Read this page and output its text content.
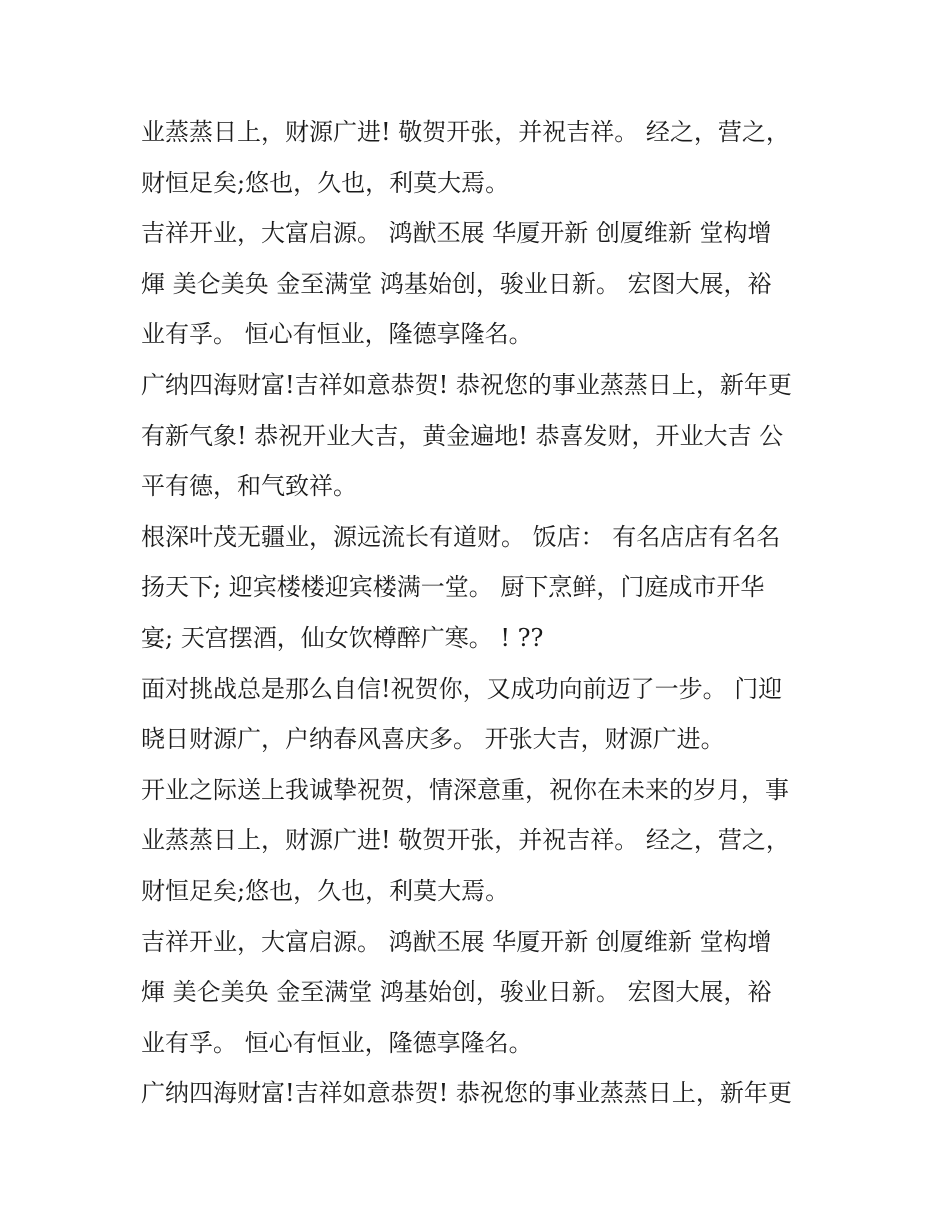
业蒸蒸日上，财源广进! 敬贺开张，并祝吉祥。 经之，营之，
财恒足矣;悠也，久也，利莫大焉。
吉祥开业，大富启源。 鸿猷丕展 华厦开新 创厦维新 堂构增
煇 美仑美奂 金至满堂 鸿基始创，骏业日新。 宏图大展，裕
业有孚。 恒心有恒业，隆德享隆名。
广纳四海财富!吉祥如意恭贺! 恭祝您的事业蒸蒸日上，新年更
有新气象! 恭祝开业大吉，黄金遍地! 恭喜发财，开业大吉 公
平有德，和气致祥。
根深叶茂无疆业，源远流长有道财。 饭店： 有名店店有名名
扬天下; 迎宾楼楼迎宾楼满一堂。 厨下烹鲜，门庭成市开华
宴; 天宫摆酒，仙女饮樽醉广寒。 ! ??
面对挑战总是那么自信!祝贺你，又成功向前迈了一步。 门迎
晓日财源广，户纳春风喜庆多。 开张大吉，财源广进。
开业之际送上我诚挚祝贺，情深意重，祝你在未来的岁月，事
业蒸蒸日上，财源广进! 敬贺开张，并祝吉祥。 经之，营之，
财恒足矣;悠也，久也，利莫大焉。
吉祥开业，大富启源。 鸿猷丕展 华厦开新 创厦维新 堂构增
煇 美仑美奂 金至满堂 鸿基始创，骏业日新。 宏图大展，裕
业有孚。 恒心有恒业，隆德享隆名。
广纳四海财富!吉祥如意恭贺! 恭祝您的事业蒸蒸日上，新年更
